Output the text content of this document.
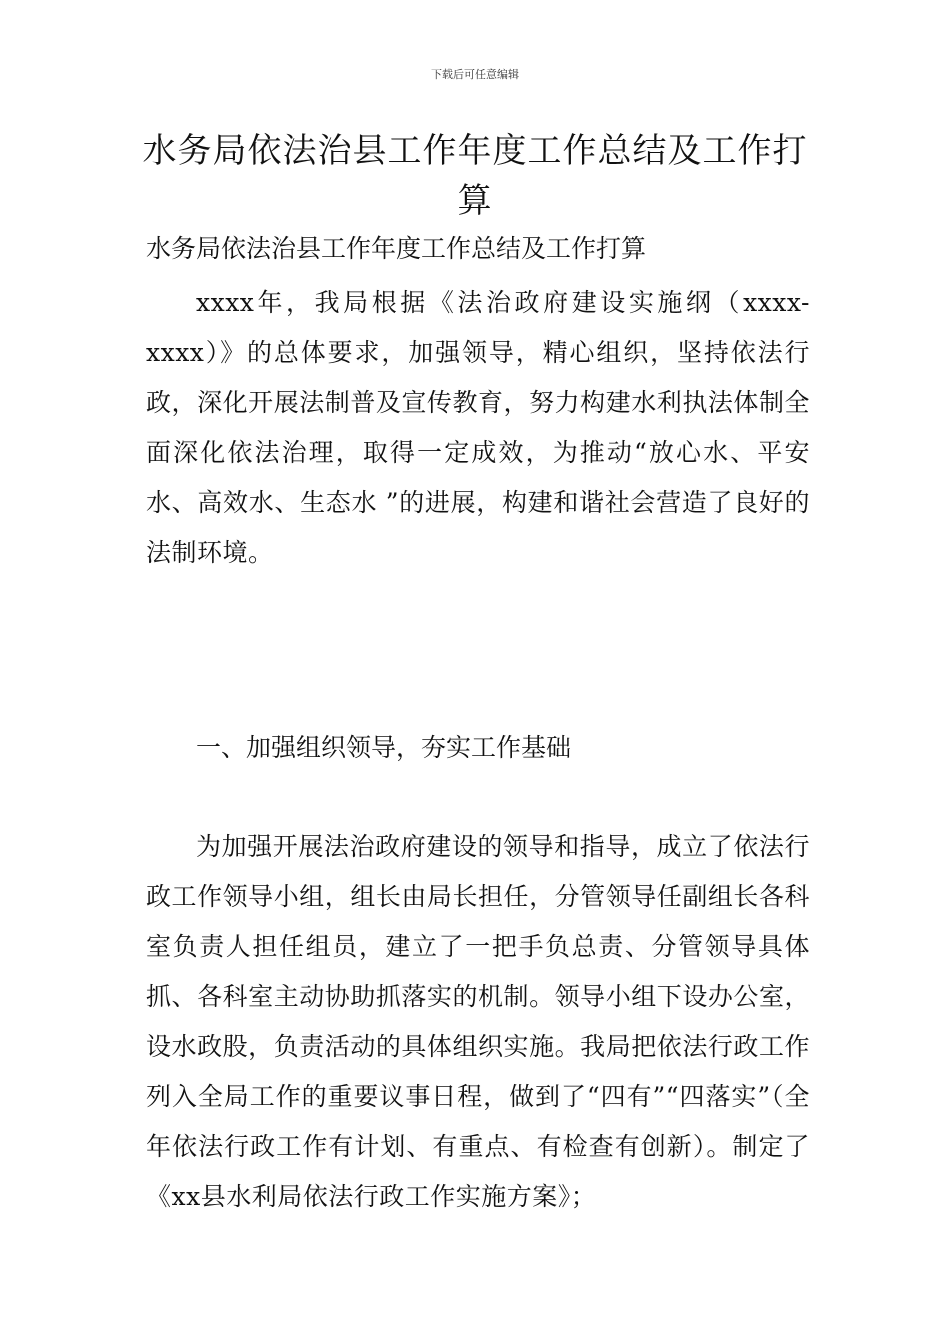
下载后可任意编辑
水务局依法治县工作年度工作总结及工作打算

水务局依法治县工作年度工作总结及工作打算

xxxx年，我局根据《法治政府建设实施纲（xxxx-xxxx）》的总体要求，加强领导，精心组织，坚持依法行政，深化开展法制普及宣传教育，努力构建水利执法体制全面深化依法治理，取得一定成效，为推动“放心水、平安水、高效水、生态水 ”的进展，构建和谐社会营造了良好的法制环境。

一、加强组织领导，夯实工作基础

为加强开展法治政府建设的领导和指导，成立了依法行政工作领导小组，组长由局长担任，分管领导任副组长各科室负责人担任组员，建立了一把手负总责、分管领导具体抓、各科室主动协助抓落实的机制。领导小组下设办公室，设水政股，负责活动的具体组织实施。我局把依法行政工作列入全局工作的重要议事日程，做到了“四有”“四落实”（全年依法行政工作有计划、有重点、有检查有创新）。制定了《xx县水利局依法行政工作实施方案》；
